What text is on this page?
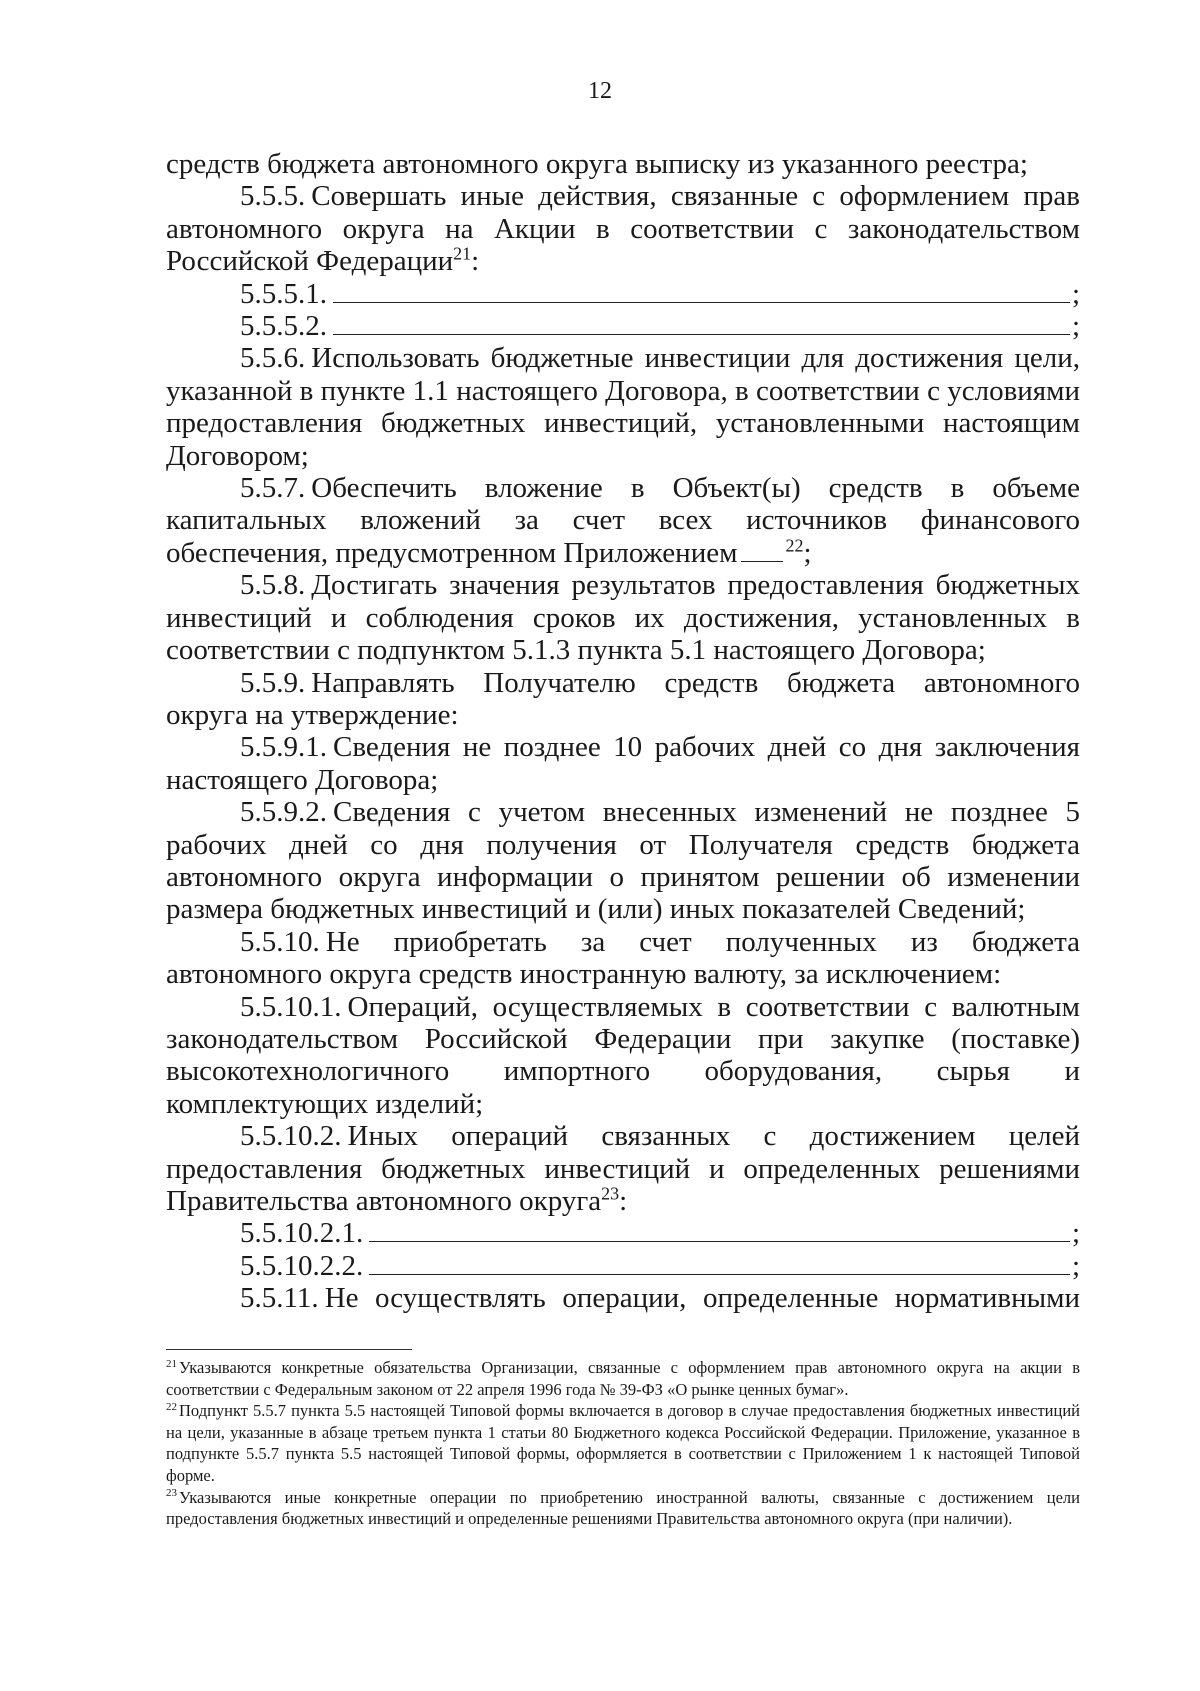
12

средств бюджета автономного округа выписку из указанного реестра;

5.5.5. Совершать иные действия, связанные с оформлением прав автономного округа на Акции в соответствии с законодательством Российской Федерации$^{21}$:

5.5.5.1.	;
5.5.5.2.	;

5.5.6. Использовать бюджетные инвестиции для достижения цели, указанной в пункте 1.1 настоящего Договора, в соответствии с условиями предоставления бюджетных инвестиций, установленными настоящим Договором;

5.5.7. Обеспечить вложение в Объект(ы) средств в объеме капитальных вложений за счет всех источников финансового обеспечения, предусмотренном Приложением	$^{22}$;

5.5.8. Достигать значения результатов предоставления бюджетных инвестиций и соблюдения сроков их достижения, установленных в соответствии с подпунктом 5.1.3 пункта 5.1 настоящего Договора;

5.5.9. Направлять Получателю средств бюджета автономного округа на утверждение:

5.5.9.1. Сведения не позднее 10 рабочих дней со дня заключения настоящего Договора;

5.5.9.2. Сведения с учетом внесенных изменений не позднее 5 рабочих дней со дня получения от Получателя средств бюджета автономного округа информации о принятом решении об изменении размера бюджетных инвестиций и (или) иных показателей Сведений;

5.5.10. Не приобретать за счет полученных из бюджета автономного округа средств иностранную валюту, за исключением:

5.5.10.1. Операций, осуществляемых в соответствии с валютным законодательством Российской Федерации при закупке (поставке) высокотехнологичного импортного оборудования, сырья и комплектующих изделий;

5.5.10.2. Иных операций связанных с достижением целей предоставления бюджетных инвестиций и определенных решениями Правительства автономного округа$^{23}$:

5.5.10.2.1.	;
5.5.10.2.2.	;

5.5.11. Не осуществлять операции, определенные нормативными

$^{21}$ Указываются конкретные обязательства Организации, связанные с оформлением прав автономного округа на акции в соответствии с Федеральным законом от 22 апреля 1996 года № 39-ФЗ «О рынке ценных бумаг».

$^{22}$ Подпункт 5.5.7 пункта 5.5 настоящей Типовой формы включается в договор в случае предоставления бюджетных инвестиций на цели, указанные в абзаце третьем пункта 1 статьи 80 Бюджетного кодекса Российской Федерации. Приложение, указанное в подпункте 5.5.7 пункта 5.5 настоящей Типовой формы, оформляется в соответствии с Приложением 1 к настоящей Типовой форме.

$^{23}$ Указываются иные конкретные операции по приобретению иностранной валюты, связанные с достижением цели предоставления бюджетных инвестиций и определенные решениями Правительства автономного округа (при наличии).
